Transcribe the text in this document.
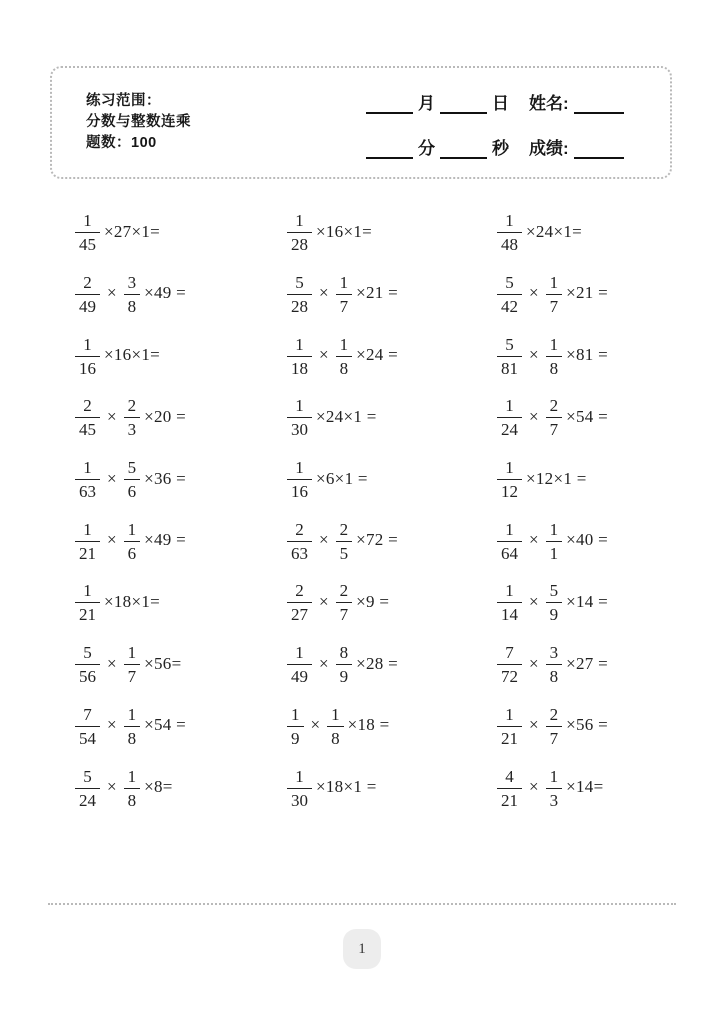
练习范围：
分数与整数连乘
题数：100
月	日 姓名:
分	秒 成绩:
$\frac{1}{45} \times 27\times 1=$	$\frac{1}{28} \times 16\times 1=$	$\frac{1}{48} \times 24\times 1=$
$\frac{2}{49} \times \frac{3}{8} \times 49$ =	$\frac{5}{28} \times \frac{1}{7} \times 21$ =	$\frac{5}{42} \times \frac{1}{7} \times 21$ =
$\frac{1}{16} \times 16\times 1=$	$\frac{1}{18} \times \frac{1}{8} \times 24$ =	$\frac{5}{81} \times \frac{1}{8} \times 81$ =
$\frac{2}{45} \times \frac{2}{3} \times 20$ =	$\frac{1}{30} \times 24\times 1$ =	$\frac{1}{24} \times \frac{2}{7} \times 54$ =
$\frac{1}{63} \times \frac{5}{6} \times 36$ =	$\frac{1}{16} \times 6\times 1$ =	$\frac{1}{12} \times 12\times 1$ =
$\frac{1}{21} \times \frac{1}{6} \times 49$ =	$\frac{2}{63} \times \frac{2}{5} \times 72$ =	$\frac{1}{64} \times \frac{1}{1} \times 40$ =
$\frac{1}{21} \times 18\times 1=$	$\frac{2}{27} \times \frac{2}{7} \times 9$ =	$\frac{1}{14} \times \frac{5}{9} \times 14$ =
$\frac{5}{56} \times \frac{1}{7} \times 56=$	$\frac{1}{49} \times \frac{8}{9} \times 28$ =	$\frac{7}{72} \times \frac{3}{8} \times 27$ =
$\frac{7}{54} \times \frac{1}{8} \times 54$ =	$\frac{1}{9} \times \frac{1}{8} \times 18$ =	$\frac{1}{21} \times \frac{2}{7} \times 56$ =
$\frac{5}{24} \times \frac{1}{8} \times 8=$	$\frac{1}{30} \times 18\times 1$ =	$\frac{4}{21} \times \frac{1}{3} \times 14=$
1
